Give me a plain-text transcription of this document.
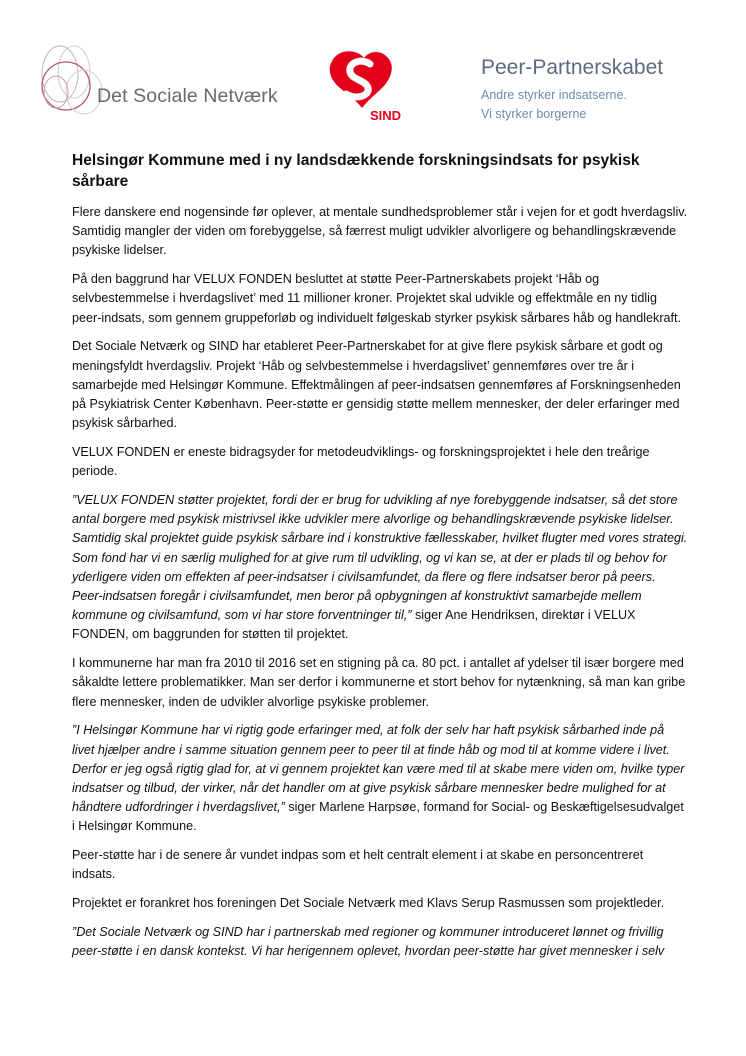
Det Sociale Netværk
SIND
Peer-Partnerskabet
Andre styrker indsatserne.
Vi styrker borgerne
Helsingør Kommune med i ny landsdækkende forskningsindsats for psykisk sårbare

Flere danskere end nogensinde før oplever, at mentale sundhedsproblemer står i vejen for et godt hverdagsliv. Samtidig mangler der viden om forebyggelse, så færrest muligt udvikler alvorligere og behandlingskrævende psykiske lidelser.

På den baggrund har VELUX FONDEN besluttet at støtte Peer-Partnerskabets projekt ‘Håb og selvbestemmelse i hverdagslivet’ med 11 millioner kroner. Projektet skal udvikle og effektmåle en ny tidlig peer-indsats, som gennem gruppeforløb og individuelt følgeskab styrker psykisk sårbares håb og handlekraft.

Det Sociale Netværk og SIND har etableret Peer-Partnerskabet for at give flere psykisk sårbare et godt og meningsfyldt hverdagsliv. Projekt ‘Håb og selvbestemmelse i hverdagslivet’ gennemføres over tre år i samarbejde med Helsingør Kommune. Effektmålingen af peer-indsatsen gennemføres af Forskningsenheden på Psykiatrisk Center København. Peer-støtte er gensidig støtte mellem mennesker, der deler erfaringer med psykisk sårbarhed.

VELUX FONDEN er eneste bidragsyder for metodeudviklings- og forskningsprojektet i hele den treårige periode.

”VELUX FONDEN støtter projektet, fordi der er brug for udvikling af nye forebyggende indsatser, så det store antal borgere med psykisk mistrivsel ikke udvikler mere alvorlige og behandlingskrævende psykiske lidelser. Samtidig skal projektet guide psykisk sårbare ind i konstruktive fællesskaber, hvilket flugter med vores strategi. Som fond har vi en særlig mulighed for at give rum til udvikling, og vi kan se, at der er plads til og behov for yderligere viden om effekten af peer-indsatser i civilsamfundet, da flere og flere indsatser beror på peers. Peer-indsatsen foregår i civilsamfundet, men beror på opbygningen af konstruktivt samarbejde mellem kommune og civilsamfund, som vi har store forventninger til,” siger Ane Hendriksen, direktør i VELUX FONDEN, om baggrunden for støtten til projektet.

I kommunerne har man fra 2010 til 2016 set en stigning på ca. 80 pct. i antallet af ydelser til især borgere med såkaldte lettere problematikker. Man ser derfor i kommunerne et stort behov for nytænkning, så man kan gribe flere mennesker, inden de udvikler alvorlige psykiske problemer.

”I Helsingør Kommune har vi rigtig gode erfaringer med, at folk der selv har haft psykisk sårbarhed inde på livet hjælper andre i samme situation gennem peer to peer til at finde håb og mod til at komme videre i livet. Derfor er jeg også rigtig glad for, at vi gennem projektet kan være med til at skabe mere viden om, hvilke typer indsatser og tilbud, der virker, når det handler om at give psykisk sårbare mennesker bedre mulighed for at håndtere udfordringer i hverdagslivet,” siger Marlene Harpsøe, formand for Social- og Beskæftigelsesudvalget i Helsingør Kommune.

Peer-støtte har i de senere år vundet indpas som et helt centralt element i at skabe en personcentreret indsats.

Projektet er forankret hos foreningen Det Sociale Netværk med Klavs Serup Rasmussen som projektleder.

”Det Sociale Netværk og SIND har i partnerskab med regioner og kommuner introduceret lønnet og frivillig peer-støtte i en dansk kontekst. Vi har herigennem oplevet, hvordan peer-støtte har givet mennesker i selv
